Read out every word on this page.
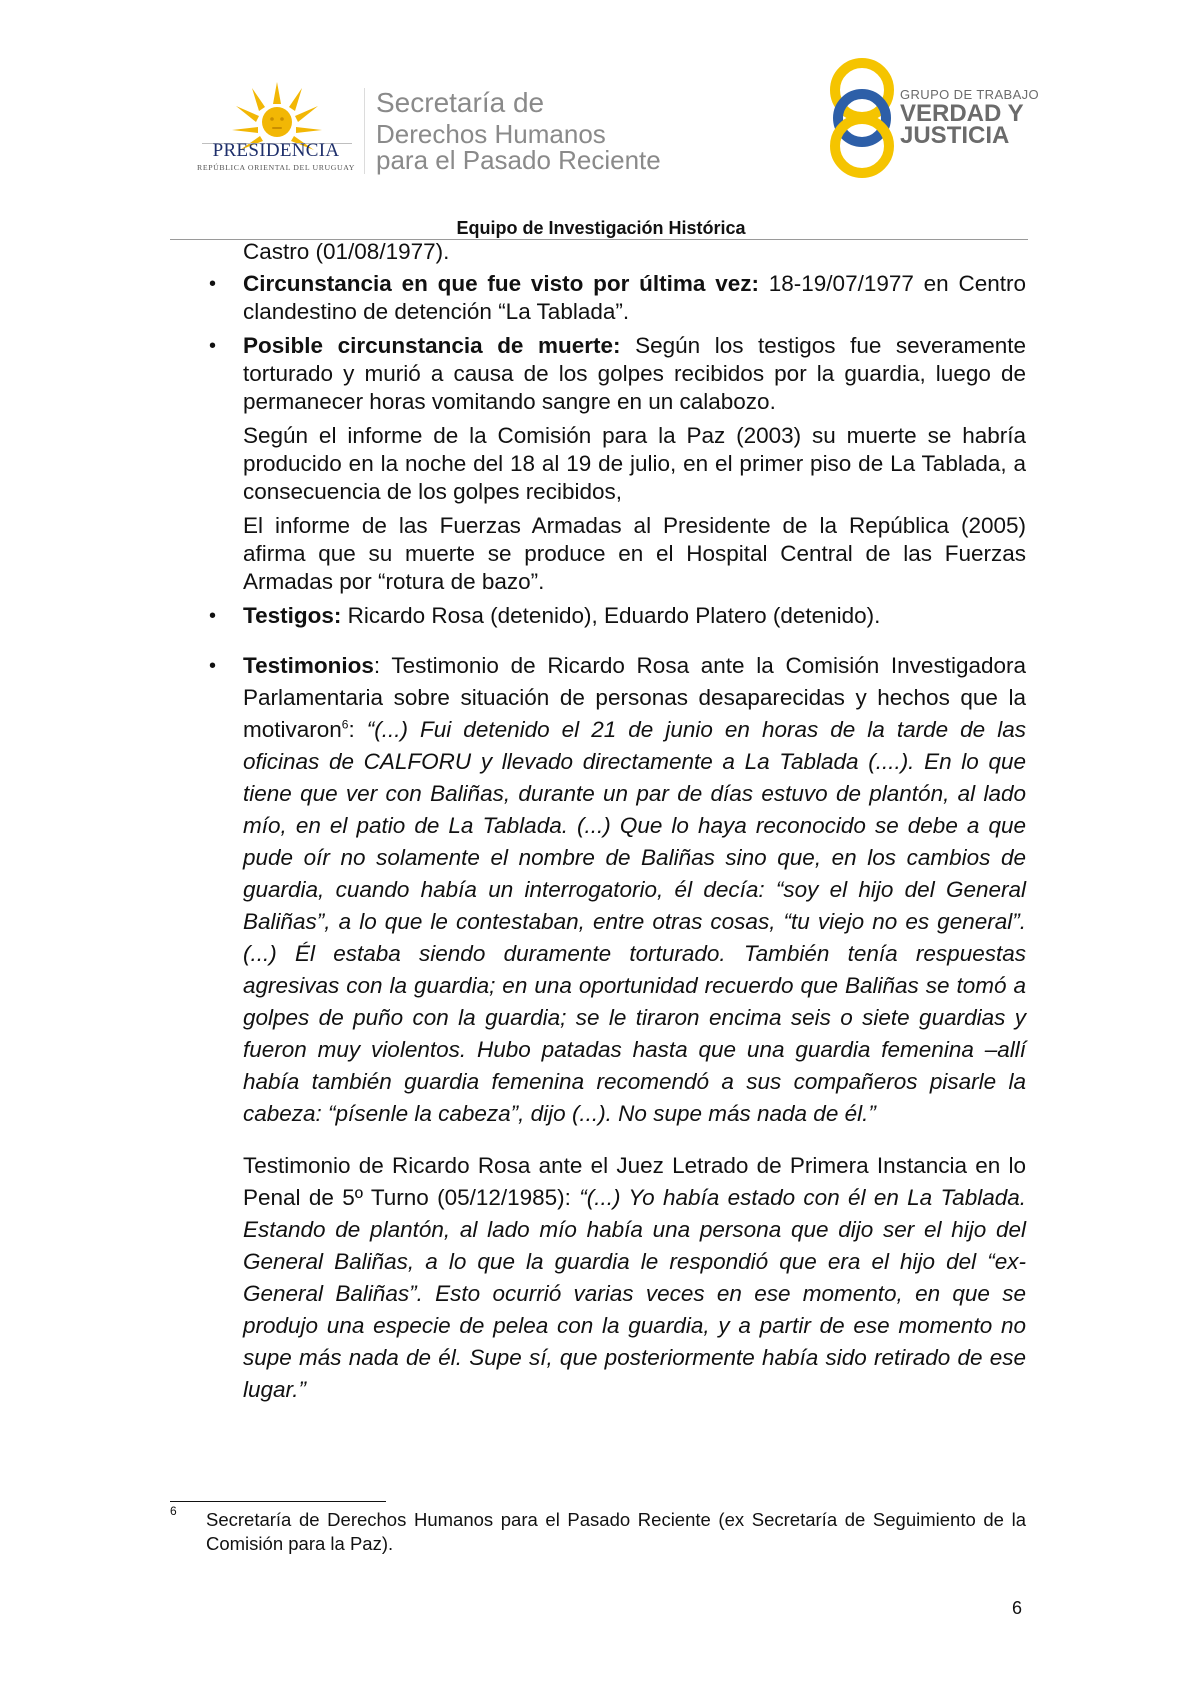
PRESIDENCIA
REPÚBLICA ORIENTAL DEL URUGUAY
Secretaría de
Derechos Humanos
para el Pasado Reciente
GRUPO DE TRABAJO
VERDAD Y
JUSTICIA
Equipo de Investigación Histórica

Castro (01/08/1977).

• Circunstancia en que fue visto por última vez: 18-19/07/1977 en Centro clandestino de detención “La Tablada”.

• Posible circunstancia de muerte: Según los testigos fue severamente torturado y murió a causa de los golpes recibidos por la guardia, luego de permanecer horas vomitando sangre en un calabozo.

Según el informe de la Comisión para la Paz (2003) su muerte se habría producido en la noche del 18 al 19 de julio, en el primer piso de La Tablada, a consecuencia de los golpes recibidos,

El informe de las Fuerzas Armadas al Presidente de la República (2005) afirma que su muerte se produce en el Hospital Central de las Fuerzas Armadas por “rotura de bazo”.

• Testigos: Ricardo Rosa (detenido), Eduardo Platero (detenido).

• Testimonios: Testimonio de Ricardo Rosa ante la Comisión Investigadora Parlamentaria sobre situación de personas desaparecidas y hechos que la motivaron$^6$: “(...) Fui detenido el 21 de junio en horas de la tarde de las oficinas de CALFORU y llevado directamente a La Tablada (....). En lo que tiene que ver con Baliñas, durante un par de días estuvo de plantón, al lado mío, en el patio de La Tablada. (...) Que lo haya reconocido se debe a que pude oír no solamente el nombre de Baliñas sino que, en los cambios de guardia, cuando había un interrogatorio, él decía: “soy el hijo del General Baliñas”, a lo que le contestaban, entre otras cosas, “tu viejo no es general”. (...) Él estaba siendo duramente torturado. También tenía respuestas agresivas con la guardia; en una oportunidad recuerdo que Baliñas se tomó a golpes de puño con la guardia; se le tiraron encima seis o siete guardias y fueron muy violentos. Hubo patadas hasta que una guardia femenina –allí había también guardia femenina recomendó a sus compañeros pisarle la cabeza: “písenle la cabeza”, dijo (...). No supe más nada de él.”

Testimonio de Ricardo Rosa ante el Juez Letrado de Primera Instancia en lo Penal de 5º Turno (05/12/1985): “(...) Yo había estado con él en La Tablada. Estando de plantón, al lado mío había una persona que dijo ser el hijo del General Baliñas, a lo que la guardia le respondió que era el hijo del “ex-General Baliñas”. Esto ocurrió varias veces en ese momento, en que se produjo una especie de pelea con la guardia, y a partir de ese momento no supe más nada de él. Supe sí, que posteriormente había sido retirado de ese lugar.”

6 Secretaría de Derechos Humanos para el Pasado Reciente (ex Secretaría de Seguimiento de la Comisión para la Paz).
6
